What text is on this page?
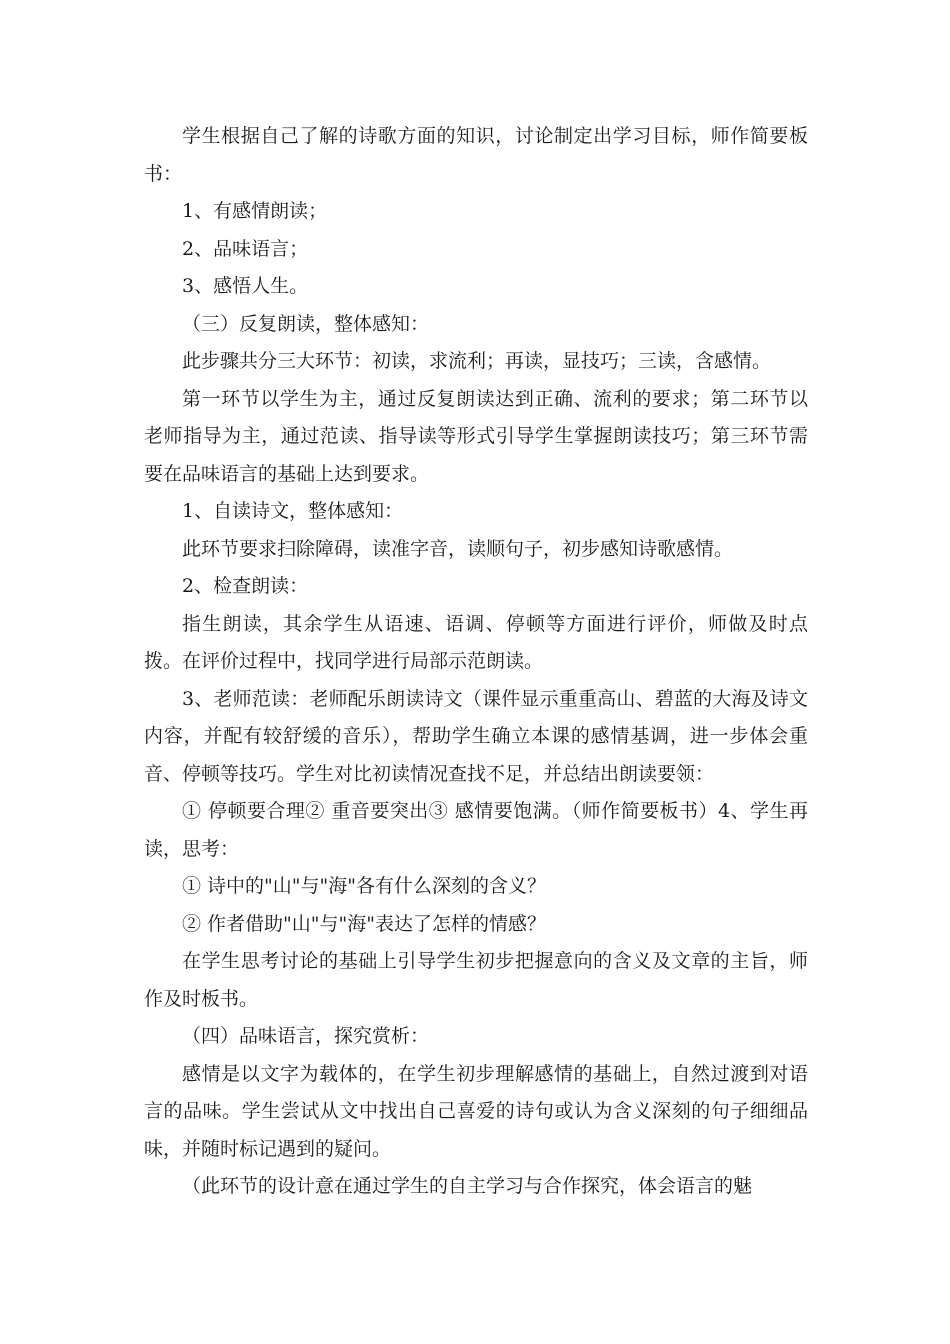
学生根据自己了解的诗歌方面的知识，讨论制定出学习目标，师作简要板书：

1、有感情朗读；

2、品味语言；

3、感悟人生。

（三）反复朗读，整体感知：

此步骤共分三大环节：初读，求流利；再读，显技巧；三读，含感情。

第一环节以学生为主，通过反复朗读达到正确、流利的要求；第二环节以老师指导为主，通过范读、指导读等形式引导学生掌握朗读技巧；第三环节需要在品味语言的基础上达到要求。

1、自读诗文，整体感知：

此环节要求扫除障碍，读准字音，读顺句子，初步感知诗歌感情。

2、检查朗读：

指生朗读，其余学生从语速、语调、停顿等方面进行评价，师做及时点拨。在评价过程中，找同学进行局部示范朗读。

3、老师范读：老师配乐朗读诗文（课件显示重重高山、碧蓝的大海及诗文内容，并配有较舒缓的音乐），帮助学生确立本课的感情基调，进一步体会重音、停顿等技巧。学生对比初读情况查找不足，并总结出朗读要领：

① 停顿要合理② 重音要突出③ 感情要饱满。（师作简要板书）4、学生再读，思考：

① 诗中的"山"与"海"各有什么深刻的含义？

② 作者借助"山"与"海"表达了怎样的情感？

在学生思考讨论的基础上引导学生初步把握意向的含义及文章的主旨，师作及时板书。

（四）品味语言，探究赏析：

感情是以文字为载体的，在学生初步理解感情的基础上，自然过渡到对语言的品味。学生尝试从文中找出自己喜爱的诗句或认为含义深刻的句子细细品味，并随时标记遇到的疑问。

（此环节的设计意在通过学生的自主学习与合作探究，体会语言的魅
